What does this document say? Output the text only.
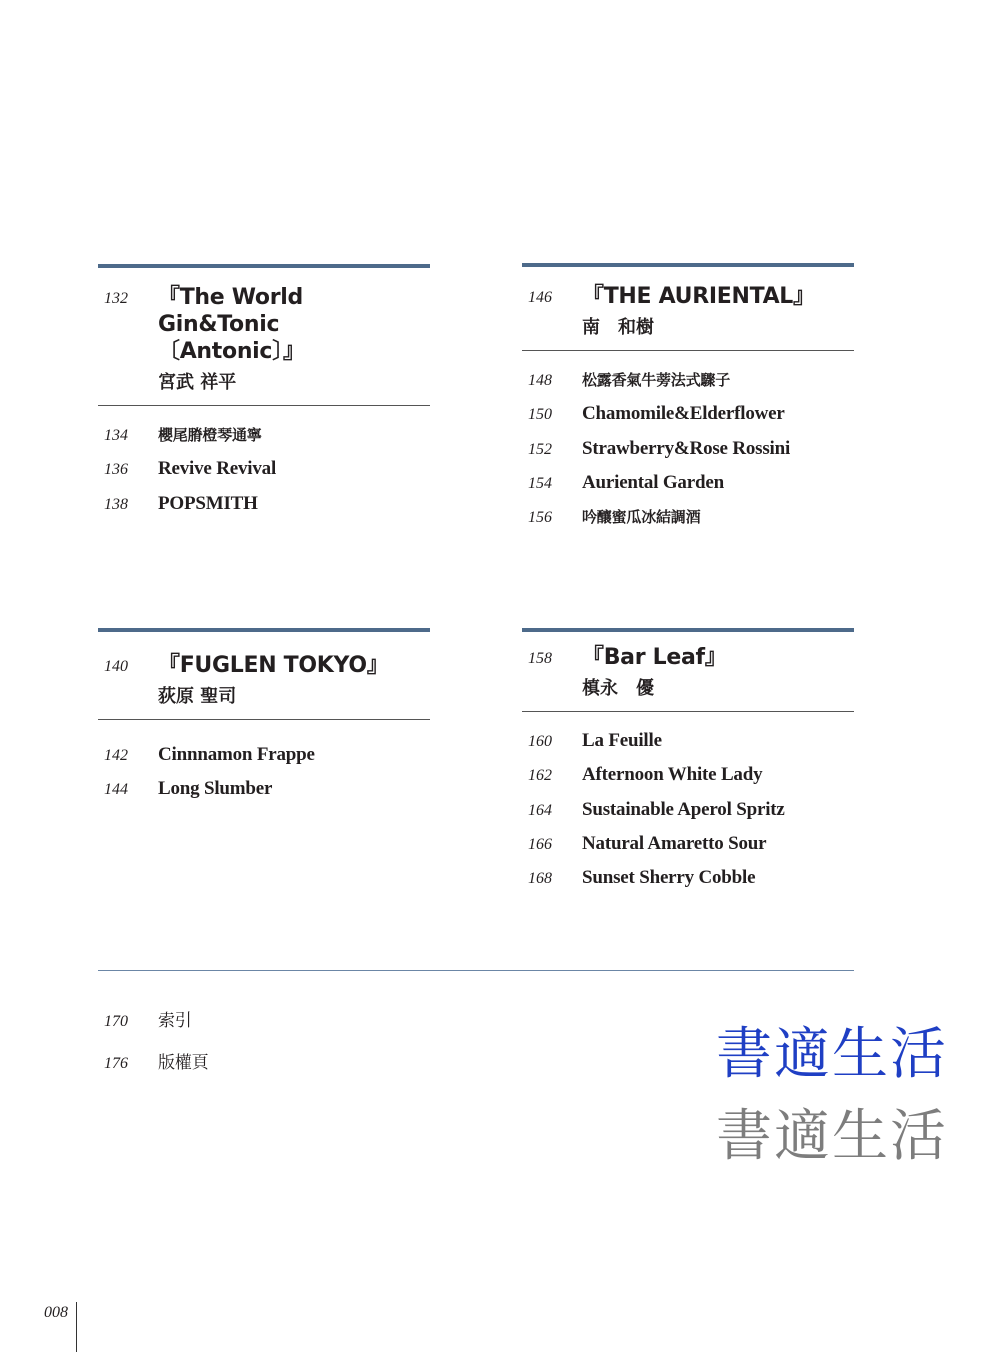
132	『The World Gin&Tonic
〔Antonic〕』
宮武 祥平
134	櫻尾膌橙琴通寧
136	Revive Revival
138	POPSMITH
146	『THE AURIENTAL』
南　和樹
148	松露香氣牛蒡法式驟子
150	Chamomile&Elderflower
152	Strawberry&Rose Rossini
154	Auriental Garden
156	吟釀蜜瓜冰結調酒
140	『FUGLEN TOKYO』
荻原 聖司
142	Cinnnamon Frappe
144	Long Slumber
158	『Bar Leaf』
槙永　優
160	La Feuille
162	Afternoon White Lady
164	Sustainable Aperol Spritz
166	Natural Amaretto Sour
168	Sunset Sherry Cobble
170	索引
176	版權頁	書適生活
書適生活
008
